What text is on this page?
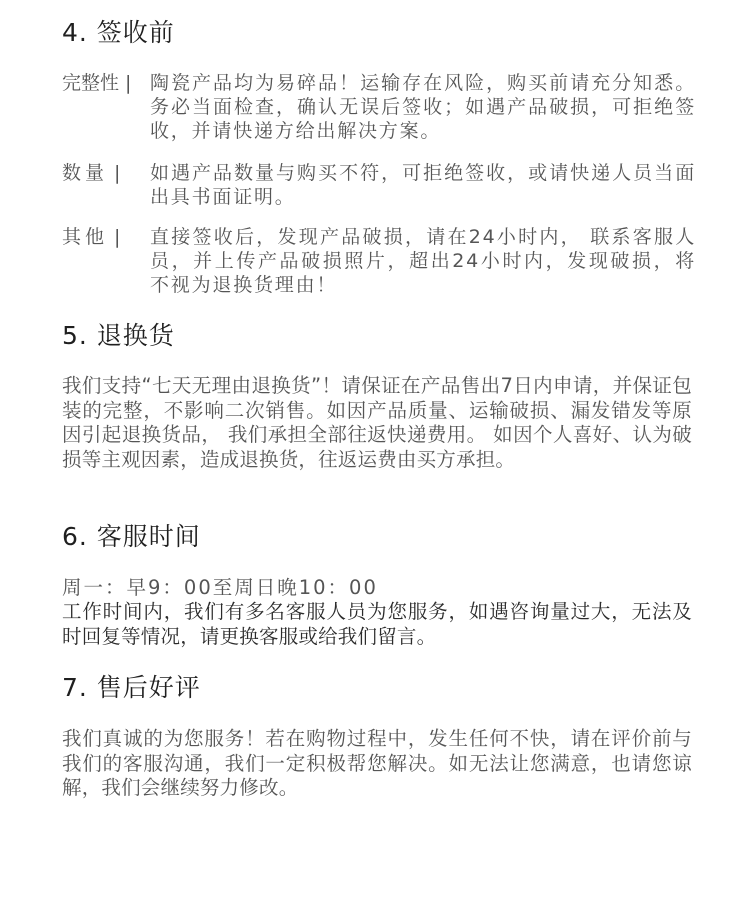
4. 签收前
完整性 | 陶瓷产品均为易碎品！运输存在风险，购买前请充分知悉。务必当面检查，确认无误后签收；如遇产品破损，可拒绝签收，并请快递方给出解决方案。
数量 |	如遇产品数量与购买不符，可拒绝签收，或请快递人员当面出具书面证明。
其他 |	直接签收后，发现产品破损，请在24小时内， 联系客服人员，并上传产品破损照片，超出24小时内，发现破损，将不视为退换货理由！
5. 退换货
我们支持“七天无理由退换货”！请保证在产品售出7日内申请，并保证包装的完整，不影响二次销售。如因产品质量、运输破损、漏发错发等原因引起退换货品， 我们承担全部往返快递费用。 如因个人喜好、认为破损等主观因素，造成退换货，往返运费由买方承担。
6. 客服时间
周一：早9：00至周日晚10：00
工作时间内，我们有多名客服人员为您服务，如遇咨询量过大，无法及时回复等情况，请更换客服或给我们留言。
7. 售后好评
我们真诚的为您服务！若在购物过程中，发生任何不快，请在评价前与我们的客服沟通，我们一定积极帮您解决。如无法让您满意，也请您谅解，我们会继续努力修改。
